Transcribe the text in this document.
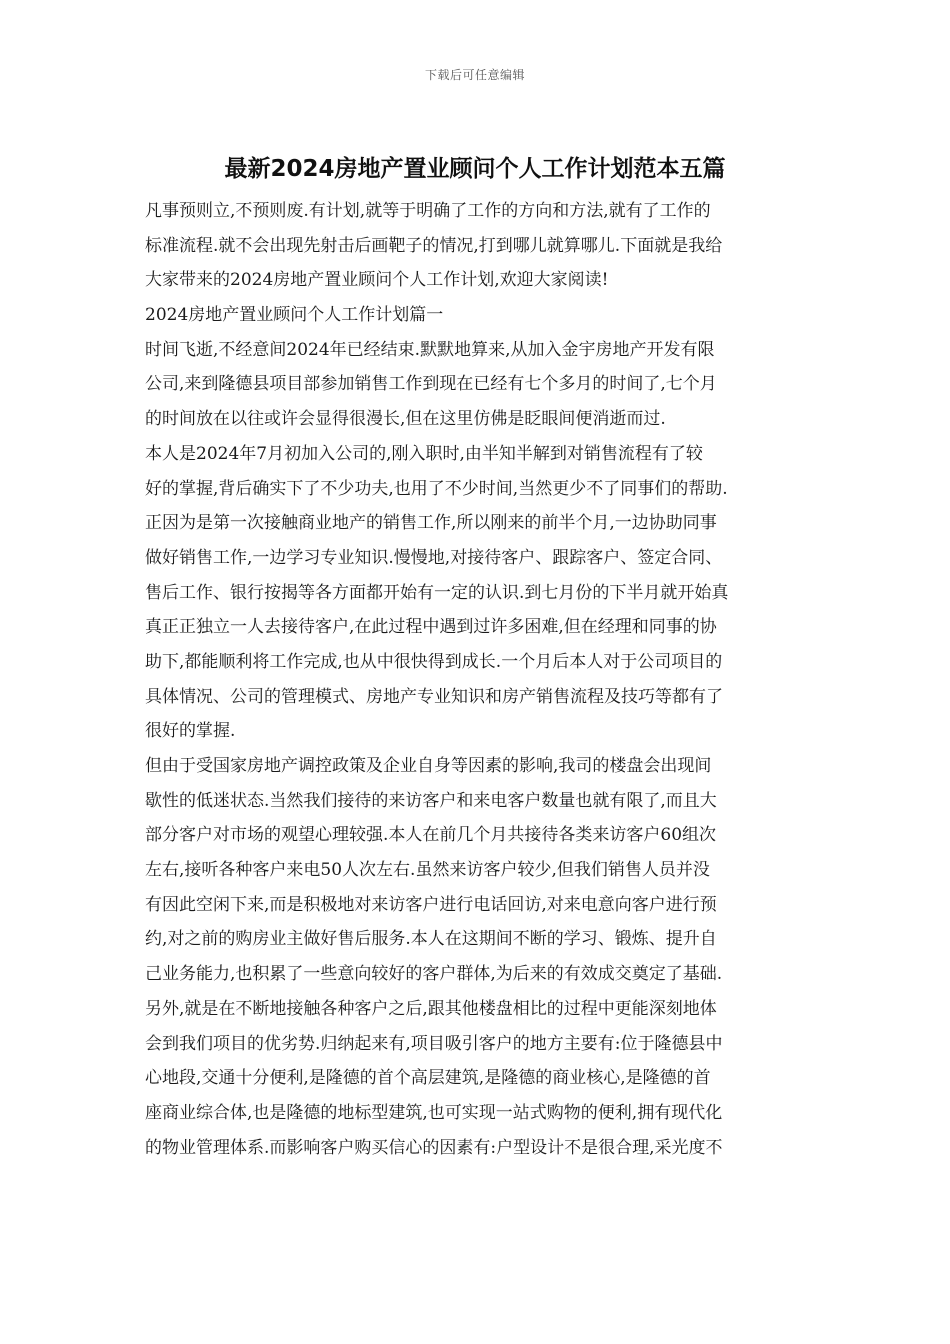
下载后可任意编辑
最新2024房地产置业顾问个人工作计划范本五篇
凡事预则立,不预则废.有计划,就等于明确了工作的方向和方法,就有了工作的
标准流程.就不会出现先射击后画靶子的情况,打到哪儿就算哪儿.下面就是我给
大家带来的2024房地产置业顾问个人工作计划,欢迎大家阅读!
2024房地产置业顾问个人工作计划篇一
时间飞逝,不经意间2024年已经结束.默默地算来,从加入金宇房地产开发有限
公司,来到隆德县项目部参加销售工作到现在已经有七个多月的时间了,七个月
的时间放在以往或许会显得很漫长,但在这里仿佛是眨眼间便消逝而过.
本人是2024年7月初加入公司的,刚入职时,由半知半解到对销售流程有了较
好的掌握,背后确实下了不少功夫,也用了不少时间,当然更少不了同事们的帮助.
正因为是第一次接触商业地产的销售工作,所以刚来的前半个月,一边协助同事
做好销售工作,一边学习专业知识.慢慢地,对接待客户、跟踪客户、签定合同、
售后工作、银行按揭等各方面都开始有一定的认识.到七月份的下半月就开始真
真正正独立一人去接待客户,在此过程中遇到过许多困难,但在经理和同事的协
助下,都能顺利将工作完成,也从中很快得到成长.一个月后本人对于公司项目的
具体情况、公司的管理模式、房地产专业知识和房产销售流程及技巧等都有了
很好的掌握.
但由于受国家房地产调控政策及企业自身等因素的影响,我司的楼盘会出现间
歇性的低迷状态.当然我们接待的来访客户和来电客户数量也就有限了,而且大
部分客户对市场的观望心理较强.本人在前几个月共接待各类来访客户60组次
左右,接听各种客户来电50人次左右.虽然来访客户较少,但我们销售人员并没
有因此空闲下来,而是积极地对来访客户进行电话回访,对来电意向客户进行预
约,对之前的购房业主做好售后服务.本人在这期间不断的学习、锻炼、提升自
己业务能力,也积累了一些意向较好的客户群体,为后来的有效成交奠定了基础.
另外,就是在不断地接触各种客户之后,跟其他楼盘相比的过程中更能深刻地体
会到我们项目的优劣势.归纳起来有,项目吸引客户的地方主要有:位于隆德县中
心地段,交通十分便利,是隆德的首个高层建筑,是隆德的商业核心,是隆德的首
座商业综合体,也是隆德的地标型建筑,也可实现一站式购物的便利,拥有现代化
的物业管理体系.而影响客户购买信心的因素有:户型设计不是很合理,采光度不
